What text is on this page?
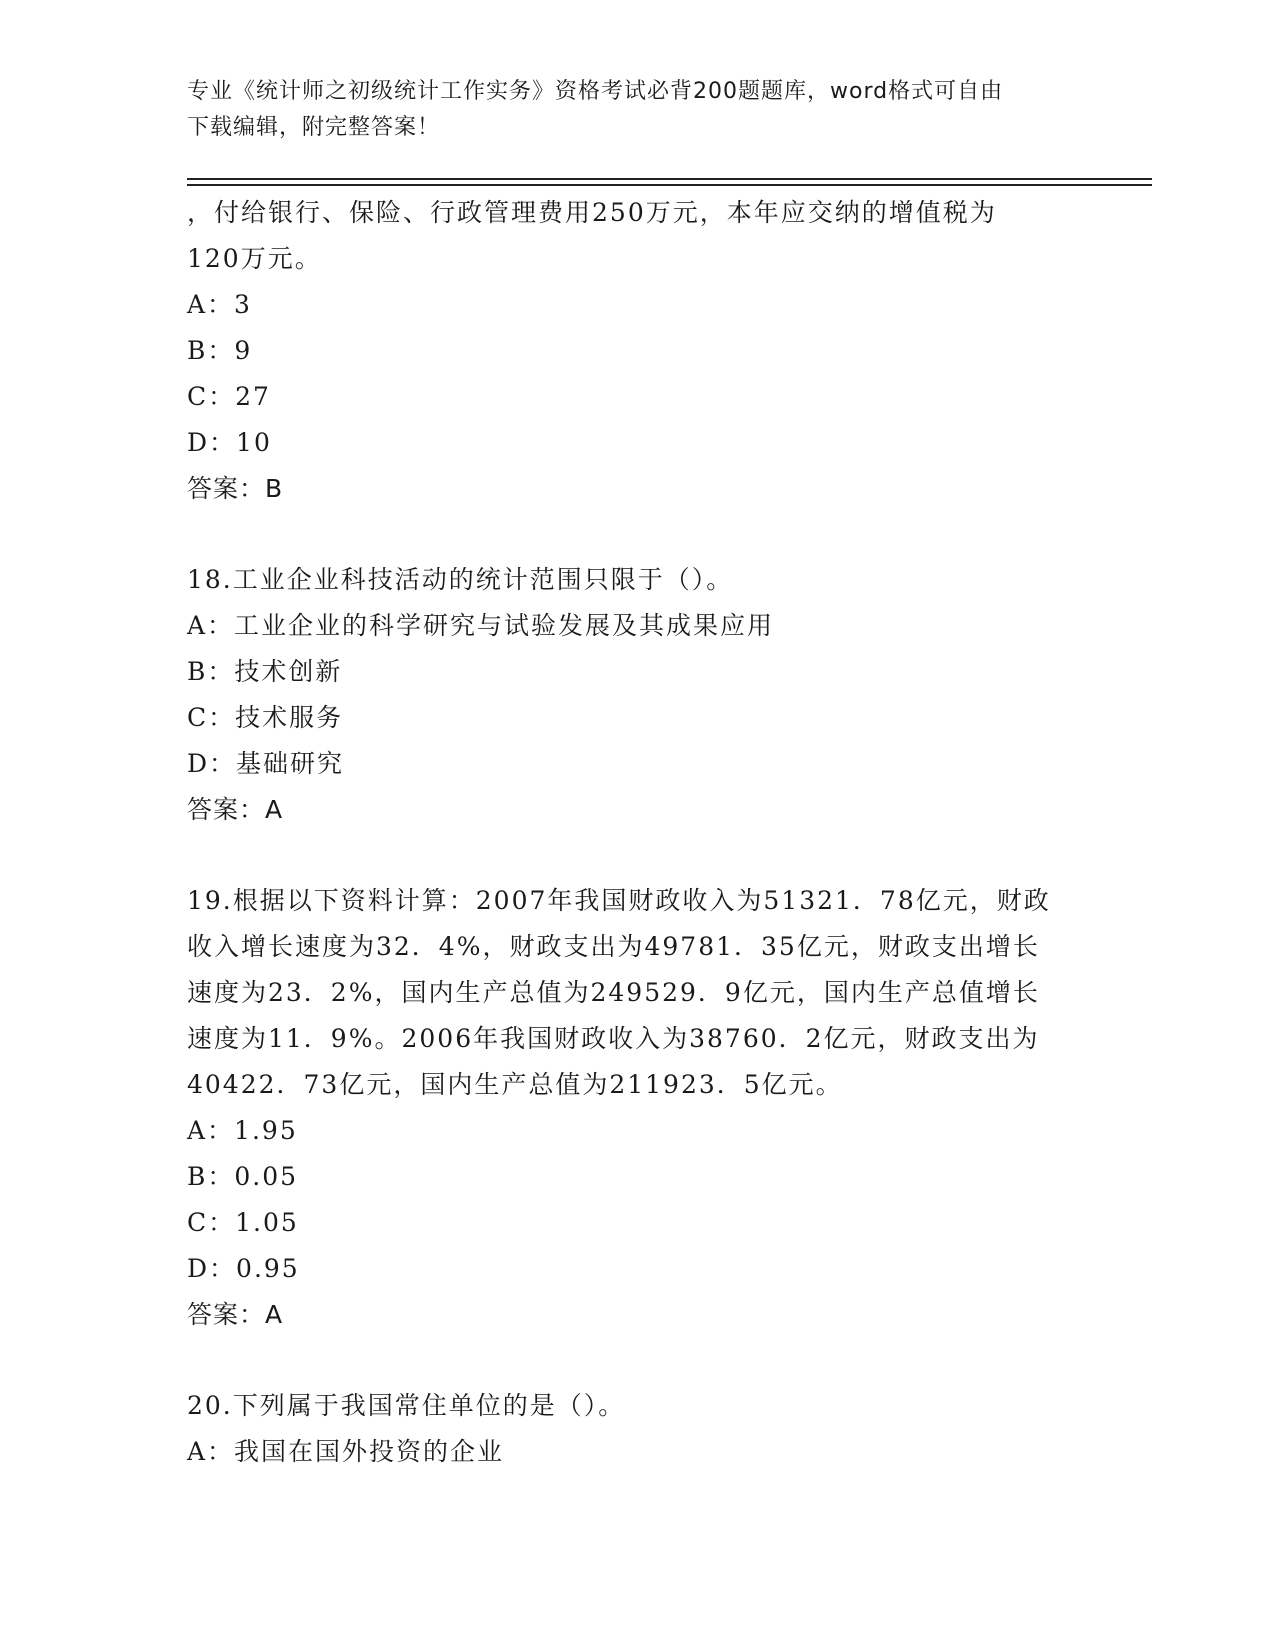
专业《统计师之初级统计工作实务》资格考试必背200题题库，word格式可自由
下载编辑，附完整答案！
，付给银行、保险、行政管理费用250万元，本年应交纳的增值税为
120万元。
A：3
B：9
C：27
D：10
答案：B
18.工业企业科技活动的统计范围只限于（）。
A：工业企业的科学研究与试验发展及其成果应用
B：技术创新
C：技术服务
D：基础研究
答案：A
19.根据以下资料计算：2007年我国财政收入为51321．78亿元，财政
收入增长速度为32．4%，财政支出为49781．35亿元，财政支出增长
速度为23．2%，国内生产总值为249529．9亿元，国内生产总值增长
速度为11．9%。2006年我国财政收入为38760．2亿元，财政支出为
40422．73亿元，国内生产总值为211923．5亿元。
A：1.95
B：0.05
C：1.05
D：0.95
答案：A
20.下列属于我国常住单位的是（）。
A：我国在国外投资的企业
